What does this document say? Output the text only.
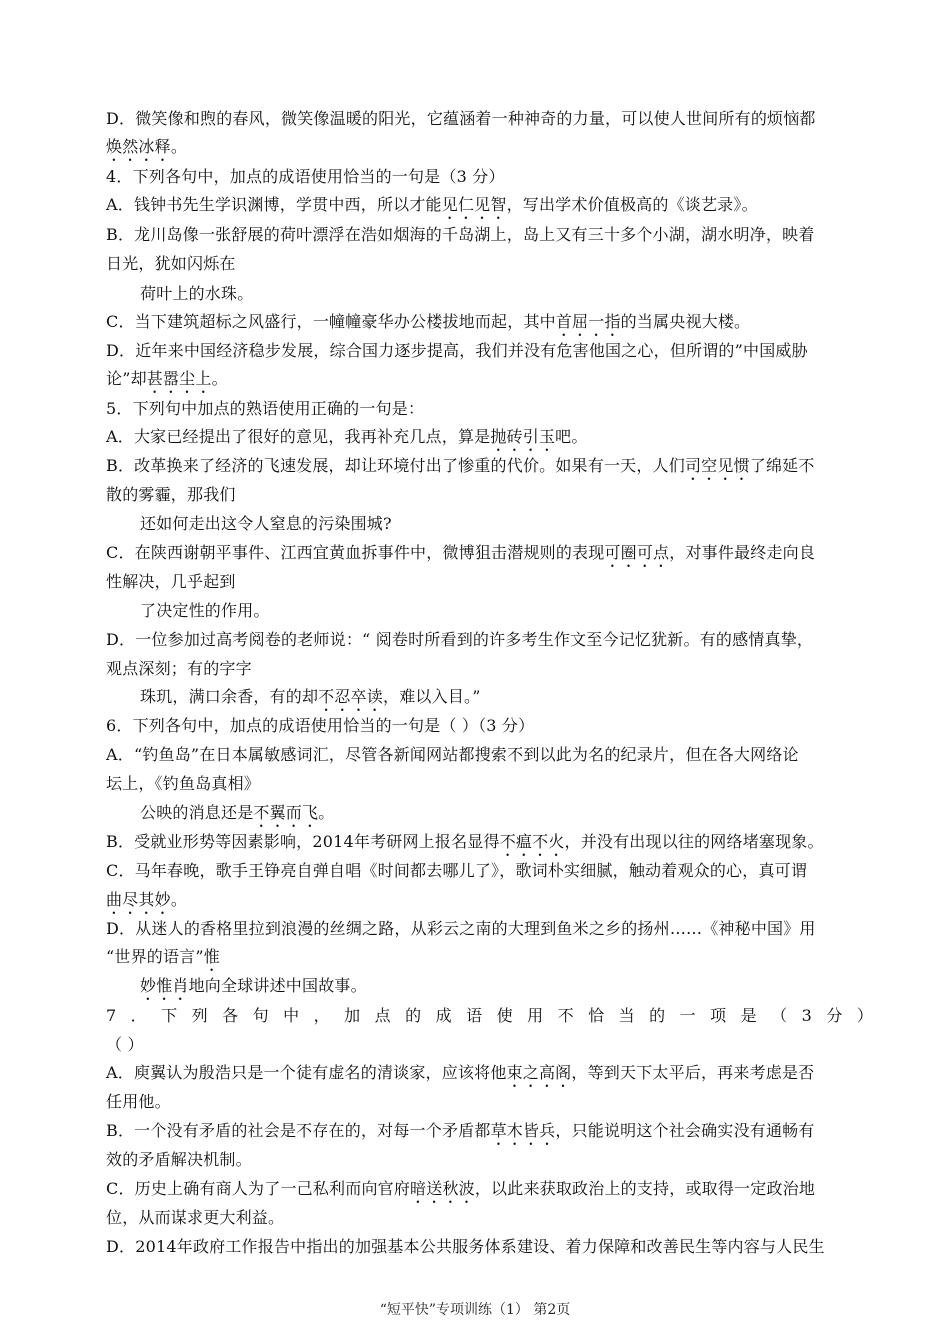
D．微笑像和煦的春风，微笑像温暖的阳光，它蕴涵着一种神奇的力量，可以使人世间所有的烦恼都
焕然冰释。
4．下列各句中，加点的成语使用恰当的一句是（3 分）
A．钱钟书先生学识渊博，学贯中西，所以才能见仁见智，写出学术价值极高的《谈艺录》。
B．龙川岛像一张舒展的荷叶漂浮在浩如烟海的千岛湖上，岛上又有三十多个小湖，湖水明净，映着
日光，犹如闪烁在
荷叶上的水珠。
C．当下建筑超标之风盛行，一幢幢豪华办公楼拔地而起，其中首屈一指的当属央视大楼。
D．近年来中国经济稳步发展，综合国力逐步提高，我们并没有危害他国之心，但所谓的”中国威胁
论”却甚嚣尘上。
5．下列句中加点的熟语使用正确的一句是：
A．大家已经提出了很好的意见，我再补充几点，算是抛砖引玉吧。
B．改革换来了经济的飞速发展，却让环境付出了惨重的代价。如果有一天，人们司空见惯了绵延不
散的雾霾，那我们
还如何走出这令人窒息的污染围城?
C．在陕西谢朝平事件、江西宜黄血拆事件中，微博狙击潜规则的表现可圈可点，对事件最终走向良
性解决，几乎起到
了决定性的作用。
D．一位参加过高考阅卷的老师说：“ 阅卷时所看到的许多考生作文至今记忆犹新。有的感情真挚，
观点深刻；有的字字
珠玑，满口余香，有的却不忍卒读，难以入目。”
6．下列各句中，加点的成语使用恰当的一句是（ ）（3 分）
A．“钓鱼岛”在日本属敏感词汇，尽管各新闻网站都搜索不到以此为名的纪录片，但在各大网络论
坛上，《钓鱼岛真相》
公映的消息还是不翼而飞。
B．受就业形势等因素影响，2014年考研网上报名显得不瘟不火，并没有出现以往的网络堵塞现象。
C．马年春晚，歌手王铮亮自弹自唱《时间都去哪儿了》，歌词朴实细腻，触动着观众的心，真可谓
曲尽其妙。
D．从迷人的香格里拉到浪漫的丝绸之路，从彩云之南的大理到鱼米之乡的扬州……《神秘中国》用
“世界的语言”惟
妙惟肖地向全球讲述中国故事。
7．下列各句中，加点的成语使用不恰当的一项是（3分）
（ ）
A．庾翼认为殷浩只是一个徒有虚名的清谈家，应该将他束之高阁，等到天下太平后，再来考虑是否
任用他。
B．一个没有矛盾的社会是不存在的，对每一个矛盾都草木皆兵，只能说明这个社会确实没有通畅有
效的矛盾解决机制。
C．历史上确有商人为了一己私利而向官府暗送秋波，以此来获取政治上的支持，或取得一定政治地
位，从而谋求更大利益。
D．2014年政府工作报告中指出的加强基本公共服务体系建设、着力保障和改善民生等内容与人民生
“短平快”专项训练（1） 第2页
